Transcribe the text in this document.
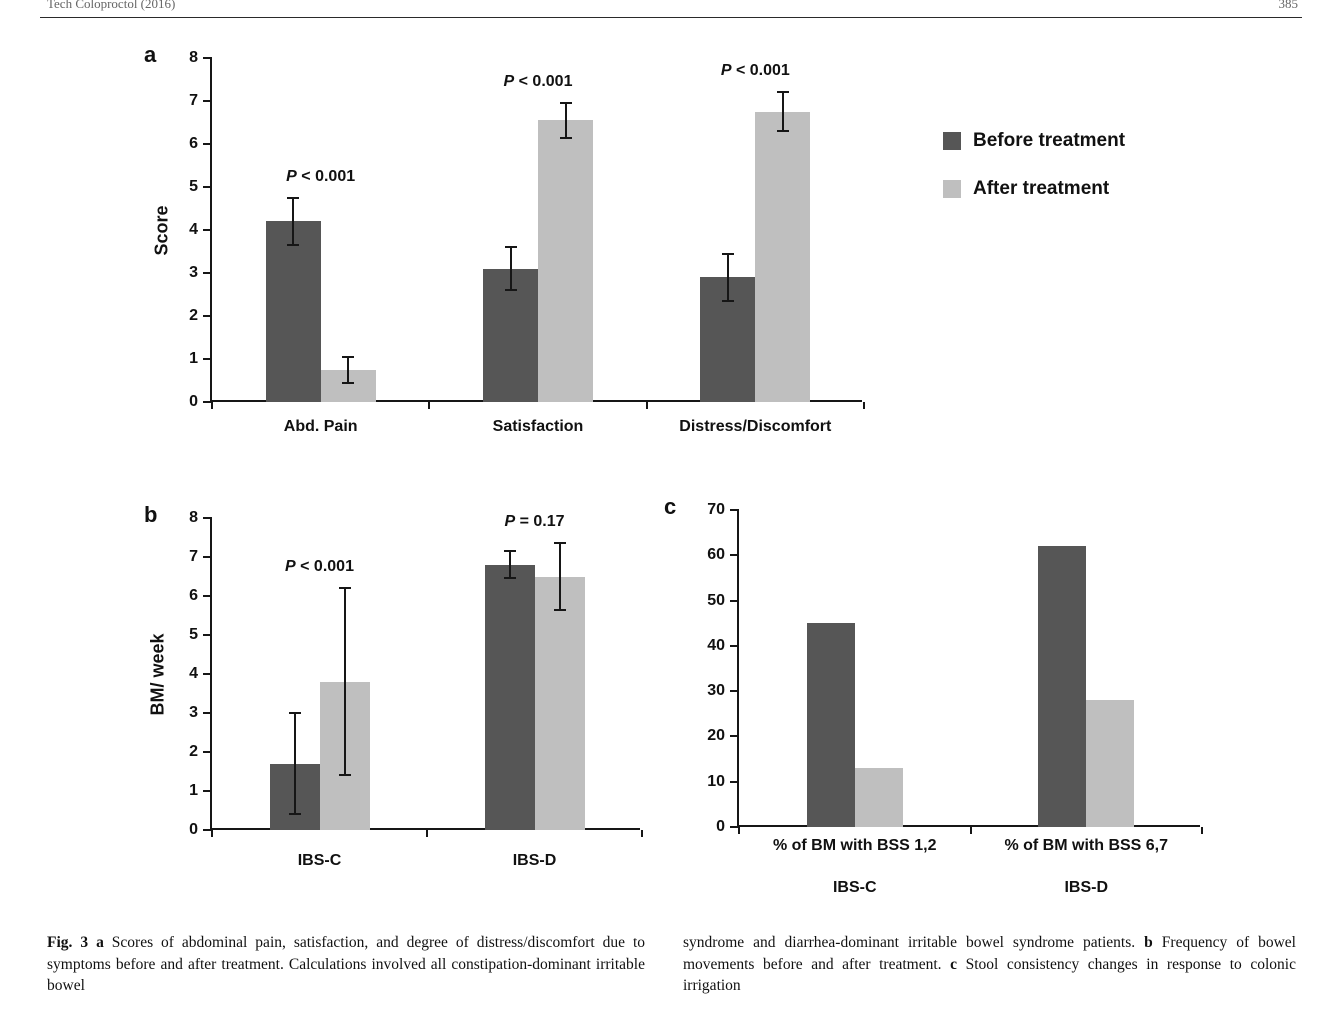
Tech Coloproctol (2016)	385
a
b	c
Score
BM/ week
0
1
2
3
4
5
6
7
8
Abd. Pain
P < 0.001
Satisfaction
P < 0.001
Distress/Discomfort
P < 0.001
0
1
2
3
4
5
6
7
8
IBS-C
P < 0.001
IBS-D
P = 0.17
0
10
20
30
40
50
60
70
% of BM with BSS 1,2
IBS-C
% of BM with BSS 6,7
IBS-D
Before treatment
After treatment
Fig. 3 a Scores of abdominal pain, satisfaction, and degree of distress/discomfort due to symptoms before and after treatment. Calculations involved all constipation-dominant irritable bowel
syndrome and diarrhea-dominant irritable bowel syndrome patients. b Frequency of bowel movements before and after treatment. c Stool consistency changes in response to colonic irrigation
